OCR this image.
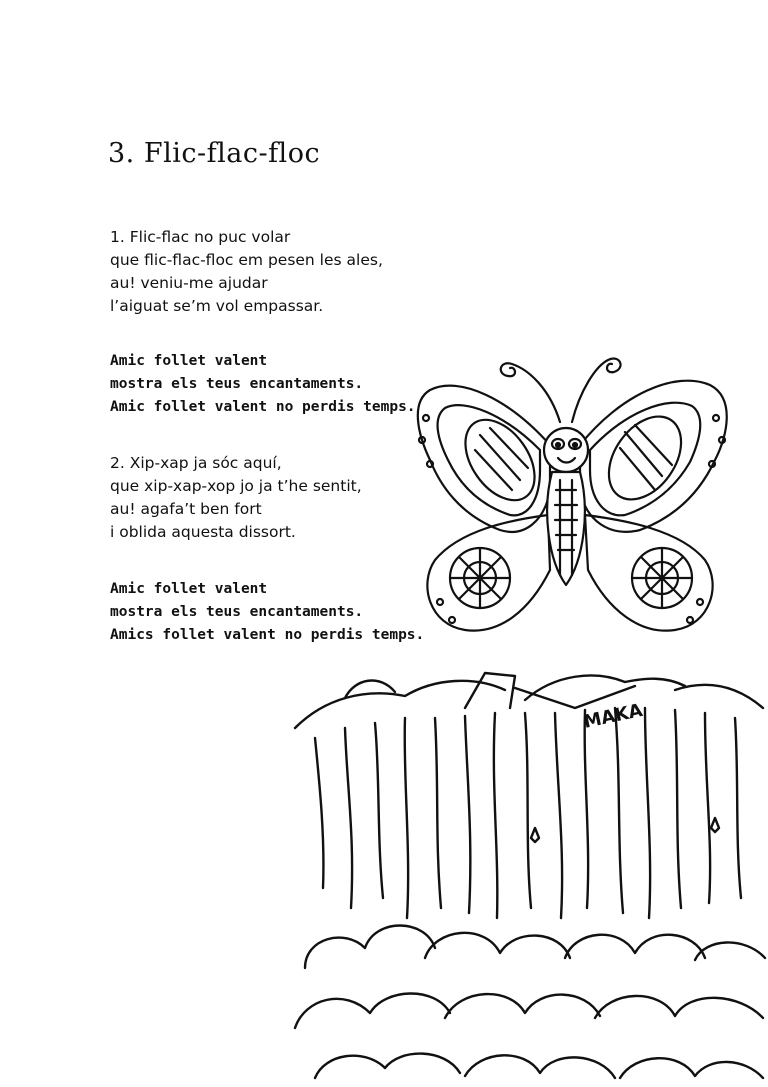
3. Flic-flac-floc
1. Flic-flac no puc volar
que flic-flac-floc em pesen les ales,
au! veniu-me ajudar
l’aiguat se’m vol empassar.
Amic follet valent
mostra els teus encantaments.
Amic follet valent no perdis temps.
2. Xip-xap ja sóc aquí,
que xip-xap-xop jo ja t’he sentit,
au! agafa’t ben fort
i oblida aquesta dissort.
Amic follet valent
mostra els teus encantaments.
Amics follet valent no perdis temps.
MAKA
